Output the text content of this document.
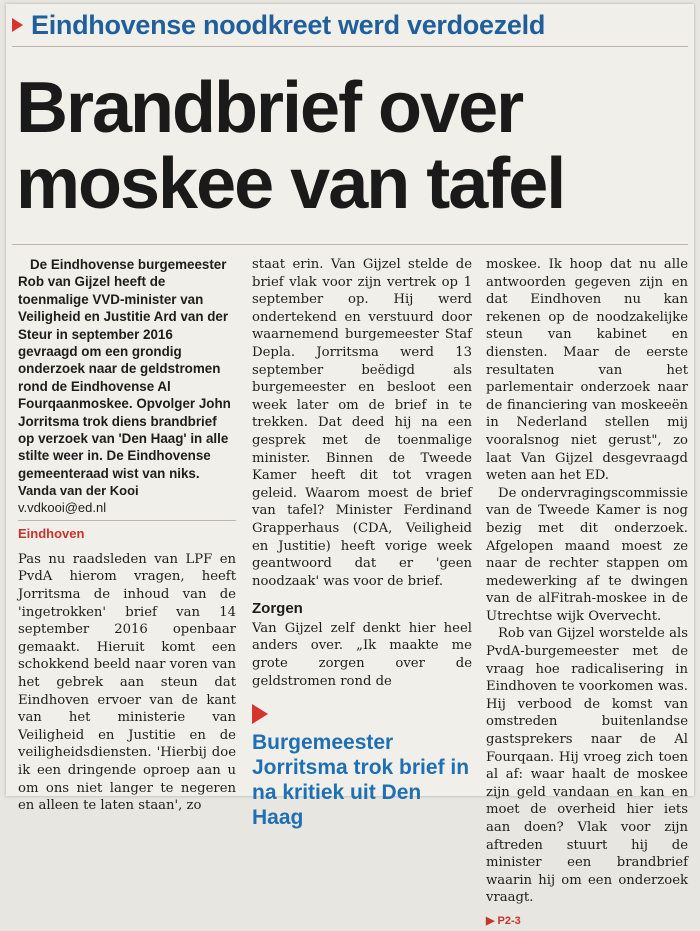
Eindhovense noodkreet werd verdoezeld
Brandbrief over
moskee van tafel

De Eindhovense burgemeester Rob van Gijzel heeft de toenmalige VVD-minister van Veiligheid en Justitie Ard van der Steur in september 2016 gevraagd om een grondig onderzoek naar de geldstromen rond de Eindhovense Al Fourqaanmoskee. Opvolger John Jorritsma trok diens brandbrief op verzoek van 'Den Haag' in alle stilte weer in. De Eindhovense gemeenteraad wist van niks.

Vanda van der Kooi
v.vdkooi@ed.nl
Eindhoven

Pas nu raadsleden van LPF en PvdA hierom vragen, heeft Jorritsma de inhoud van de 'ingetrokken' brief van 14 september 2016 openbaar gemaakt. Hieruit komt een schokkend beeld naar voren van het gebrek aan steun dat Eindhoven ervoer van de kant van het ministerie van Veiligheid en Justitie en de veiligheidsdiensten. 'Hierbij doe ik een dringende oproep aan u om ons niet langer te negeren en alleen te laten staan', zo

staat erin. Van Gijzel stelde de brief vlak voor zijn vertrek op 1 september op. Hij werd ondertekend en verstuurd door waarnemend burgemeester Staf Depla. Jorritsma werd 13 september beëdigd als burgemeester en besloot een week later om de brief in te trekken. Dat deed hij na een gesprek met de toenmalige minister. Binnen de Tweede Kamer heeft dit tot vragen geleid. Waarom moest de brief van tafel? Minister Ferdinand Grapperhaus (CDA, Veiligheid en Justitie) heeft vorige week geantwoord dat er 'geen noodzaak' was voor de brief.

Zorgen

Van Gijzel zelf denkt hier heel anders over. „Ik maakte me grote zorgen over de geldstromen rond de

Burgemeester Jorritsma trok brief in na kritiek uit Den Haag

moskee. Ik hoop dat nu alle antwoorden gegeven zijn en dat Eindhoven nu kan rekenen op de noodzakelijke steun van kabinet en diensten. Maar de eerste resultaten van het parlementair onderzoek naar de financiering van moskeeën in Nederland stellen mij vooralsnog niet gerust", zo laat Van Gijzel desgevraagd weten aan het ED.

De ondervragingscommissie van de Tweede Kamer is nog bezig met dit onderzoek. Afgelopen maand moest ze naar de rechter stappen om medewerking af te dwingen van de alFitrah-moskee in de Utrechtse wijk Overvecht.

Rob van Gijzel worstelde als PvdA-burgemeester met de vraag hoe radicalisering in Eindhoven te voorkomen was. Hij verbood de komst van omstreden buitenlandse gastsprekers naar de Al Fourqaan. Hij vroeg zich toen al af: waar haalt de moskee zijn geld vandaan en kan en moet de overheid hier iets aan doen? Vlak voor zijn aftreden stuurt hij de minister een brandbrief waarin hij om een onderzoek vraagt.

▶ P2-3
